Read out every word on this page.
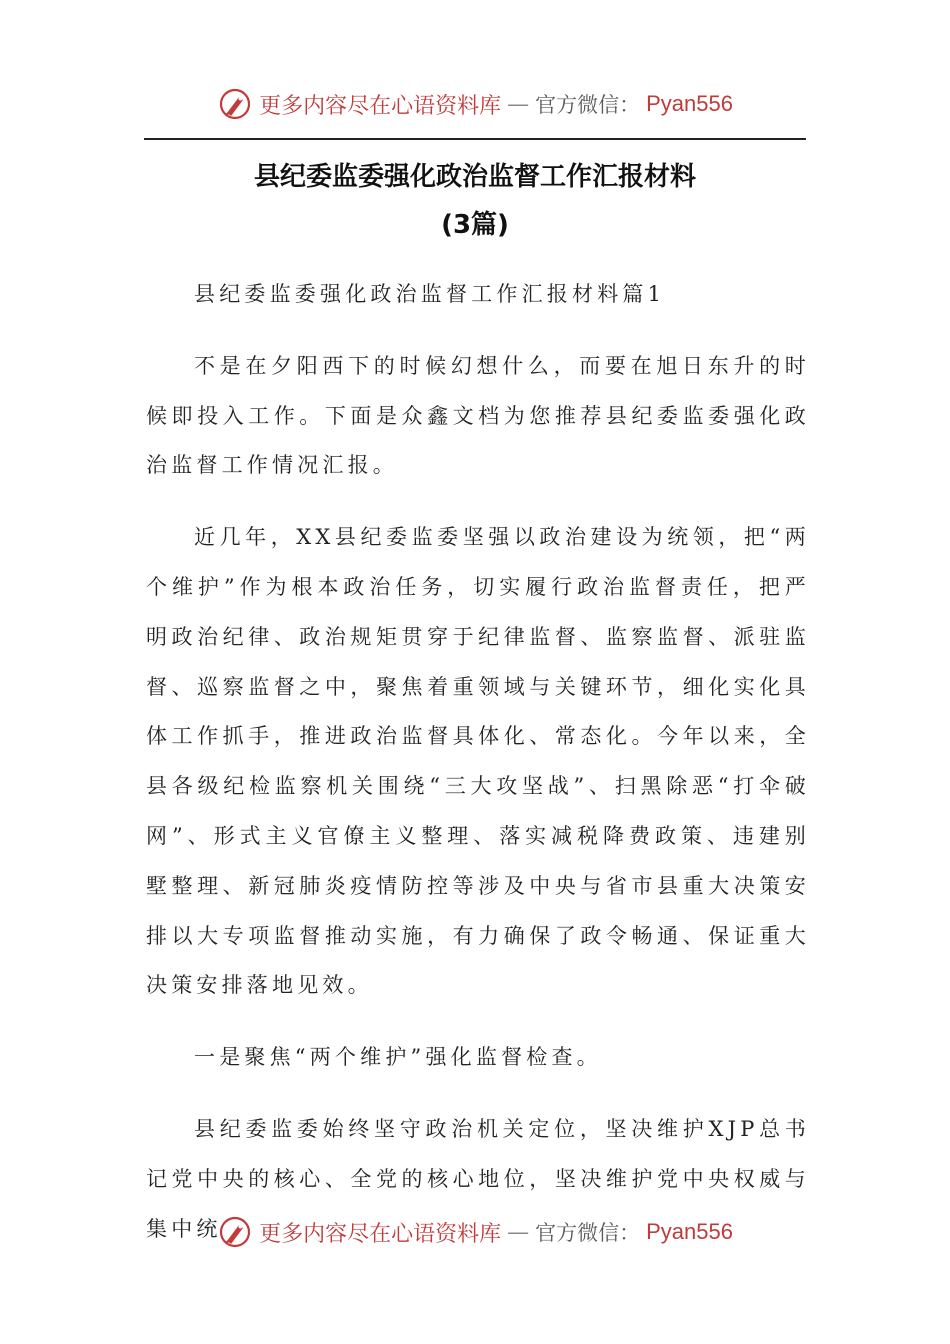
更多内容尽在心语资料库 — 官方微信： Pyan556
县纪委监委强化政治监督工作汇报材料
(3篇)

县纪委监委强化政治监督工作汇报材料篇1

不是在夕阳西下的时候幻想什么，而要在旭日东升的时候即投入工作。下面是众鑫文档为您推荐县纪委监委强化政治监督工作情况汇报。

近几年，XX县纪委监委坚强以政治建设为统领，把“两个维护”作为根本政治任务，切实履行政治监督责任，把严明政治纪律、政治规矩贯穿于纪律监督、监察监督、派驻监督、巡察监督之中，聚焦着重领域与关键环节，细化实化具体工作抓手，推进政治监督具体化、常态化。今年以来，全县各级纪检监察机关围绕“三大攻坚战”、扫黑除恶“打伞破网”、形式主义官僚主义整理、落实减税降费政策、违建别墅整理、新冠肺炎疫情防控等涉及中央与省市县重大决策安排以大专项监督推动实施，有力确保了政令畅通、保证重大决策安排落地见效。

一是聚焦“两个维护”强化监督检查。

县纪委监委始终坚守政治机关定位，坚决维护XJP总书记党中央的核心、全党的核心地位，坚决维护党中央权威与集中统	更多内容尽在心语资料库 — 官方微信： Pyan556
